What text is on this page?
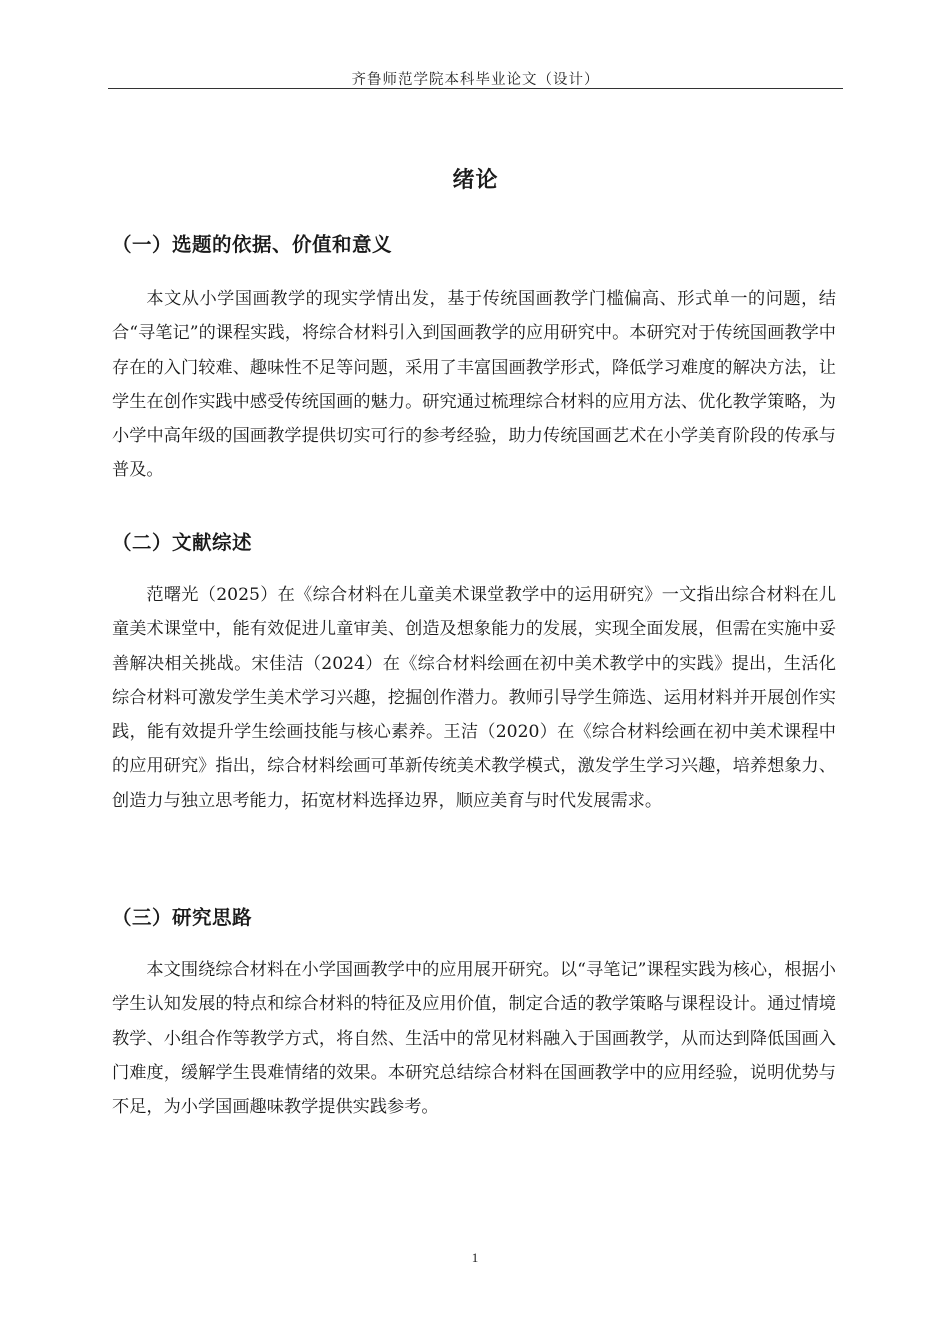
齐鲁师范学院本科毕业论文（设计）
绪论
（一）选题的依据、价值和意义

本文从小学国画教学的现实学情出发，基于传统国画教学门槛偏高、形式单一的问题，结合“寻笔记”的课程实践，将综合材料引入到国画教学的应用研究中。本研究对于传统国画教学中存在的入门较难、趣味性不足等问题，采用了丰富国画教学形式，降低学习难度的解决方法，让学生在创作实践中感受传统国画的魅力。研究通过梳理综合材料的应用方法、优化教学策略，为小学中高年级的国画教学提供切实可行的参考经验，助力传统国画艺术在小学美育阶段的传承与普及。

（二）文献综述

范曙光（2025）在《综合材料在儿童美术课堂教学中的运用研究》一文指出综合材料在儿童美术课堂中，能有效促进儿童审美、创造及想象能力的发展，实现全面发展，但需在实施中妥善解决相关挑战。宋佳洁（2024）在《综合材料绘画在初中美术教学中的实践》提出，生活化综合材料可激发学生美术学习兴趣，挖掘创作潜力。教师引导学生筛选、运用材料并开展创作实践，能有效提升学生绘画技能与核心素养。王洁（2020）在《综合材料绘画在初中美术课程中的应用研究》指出，综合材料绘画可革新传统美术教学模式，激发学生学习兴趣，培养想象力、创造力与独立思考能力，拓宽材料选择边界，顺应美育与时代发展需求。

（三）研究思路

本文围绕综合材料在小学国画教学中的应用展开研究。以“寻笔记”课程实践为核心，根据小学生认知发展的特点和综合材料的特征及应用价值，制定合适的教学策略与课程设计。通过情境教学、小组合作等教学方式，将自然、生活中的常见材料融入于国画教学，从而达到降低国画入门难度，缓解学生畏难情绪的效果。本研究总结综合材料在国画教学中的应用经验，说明优势与不足，为小学国画趣味教学提供实践参考。

1
